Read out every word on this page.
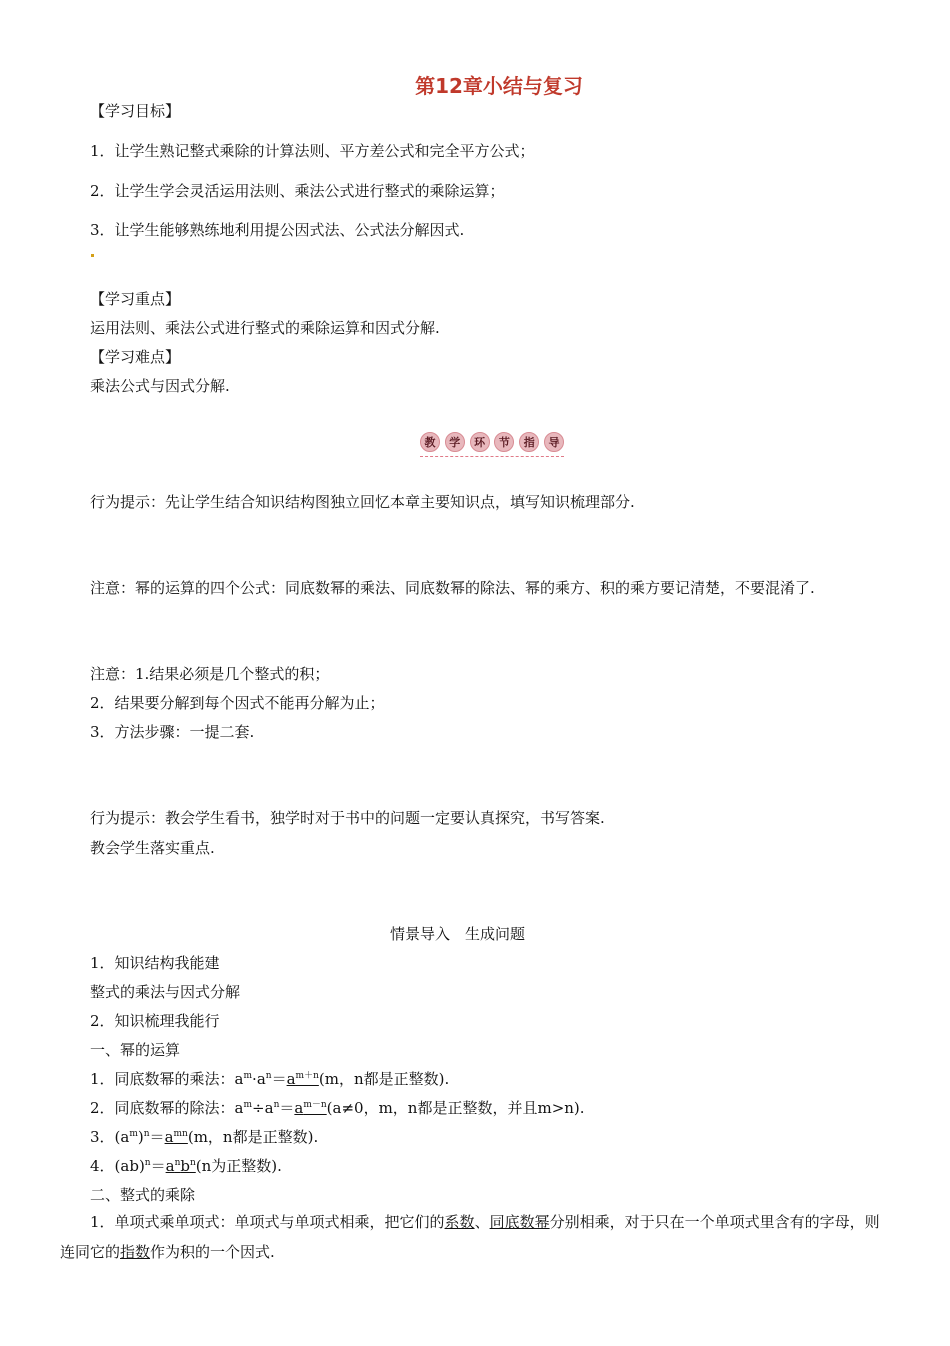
第12章小结与复习
【学习目标】
1．让学生熟记整式乘除的计算法则、平方差公式和完全平方公式；
2．让学生学会灵活运用法则、乘法公式进行整式的乘除运算；
3．让学生能够熟练地利用提公因式法、公式法分解因式.
【学习重点】
运用法则、乘法公式进行整式的乘除运算和因式分解.
【学习难点】
乘法公式与因式分解.
教	学	环	节	指	导
行为提示：先让学生结合知识结构图独立回忆本章主要知识点，填写知识梳理部分.
注意：幂的运算的四个公式：同底数幂的乘法、同底数幂的除法、幂的乘方、积的乘方要记清楚，不要混淆了.
注意：1.结果必须是几个整式的积；
2．结果要分解到每个因式不能再分解为止；
3．方法步骤：一提二套.
行为提示：教会学生看书，独学时对于书中的问题一定要认真探究，书写答案.
教会学生落实重点.
情景导入　生成问题
1．知识结构我能建
整式的乘法与因式分解
2．知识梳理我能行
一、幂的运算
1．同底数幂的乘法：$a^m\cdot a^n=a^{m+n}(m$，n都是正整数).
2．同底数幂的除法：$a^m\div a^n=a^{m-n}(a\ne 0$，m，n都是正整数，并且m>n).
3．$(a^m)^n=a^{mn}(m$，n都是正整数).
4．$(ab)^n=a^nb^n(n$为正整数).
二、整式的乘除
1．单项式乘单项式：单项式与单项式相乘，把它们的系数、同底数幂分别相乘，对于只在一个单项式里含有的字母，则连同它的指数作为积的一个因式.
